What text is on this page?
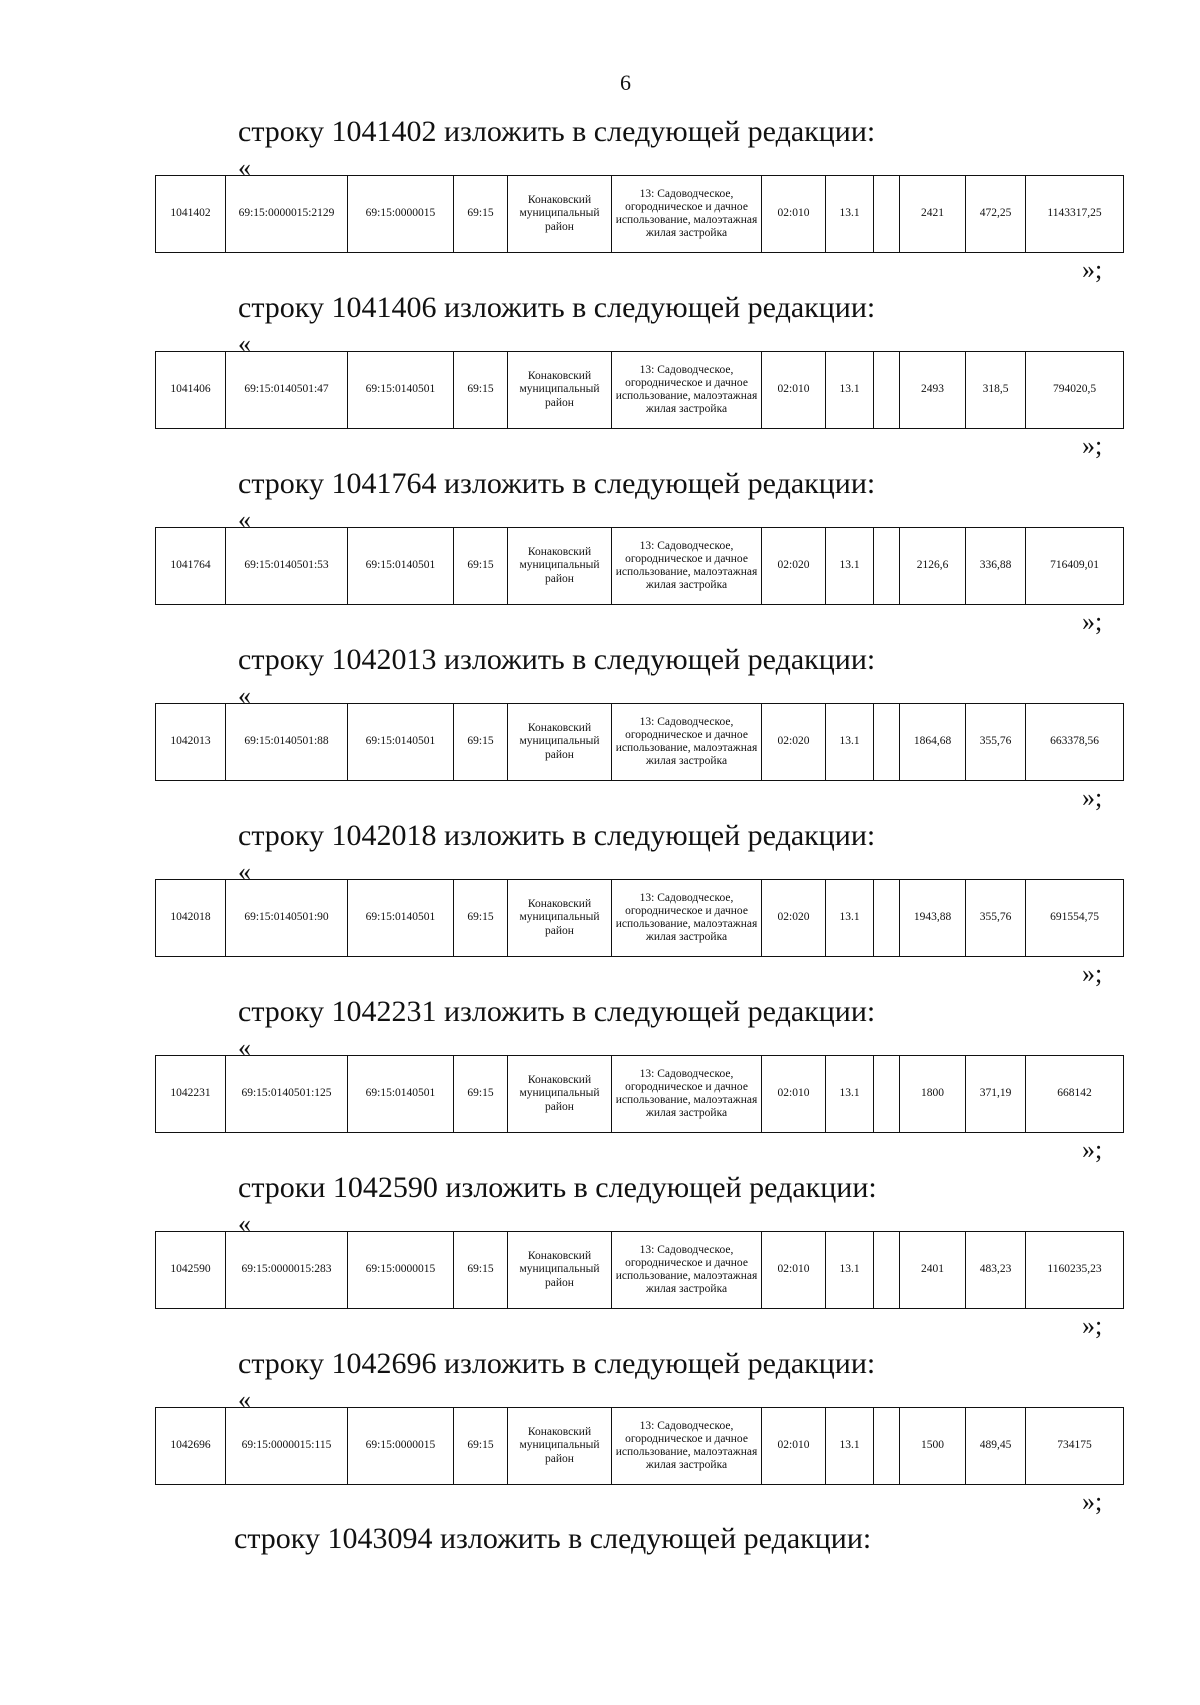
6
строку 1041402 изложить в следующей редакции:
«
1041402	69:15:0000015:2129	69:15:0000015	69:15	Конаковский муниципальный район	13: Садоводческое, огородническое и дачное использование, малоэтажная жилая застройка	02:010	13.1		2421	472,25	1143317,25
»;
строку 1041406 изложить в следующей редакции:
«
1041406	69:15:0140501:47	69:15:0140501	69:15	Конаковский муниципальный район	13: Садоводческое, огородническое и дачное использование, малоэтажная жилая застройка	02:010	13.1		2493	318,5	794020,5
»;
строку 1041764 изложить в следующей редакции:
«
1041764	69:15:0140501:53	69:15:0140501	69:15	Конаковский муниципальный район	13: Садоводческое, огородническое и дачное использование, малоэтажная жилая застройка	02:020	13.1		2126,6	336,88	716409,01
»;
строку 1042013 изложить в следующей редакции:
«
1042013	69:15:0140501:88	69:15:0140501	69:15	Конаковский муниципальный район	13: Садоводческое, огородническое и дачное использование, малоэтажная жилая застройка	02:020	13.1		1864,68	355,76	663378,56
»;
строку 1042018 изложить в следующей редакции:
«
1042018	69:15:0140501:90	69:15:0140501	69:15	Конаковский муниципальный район	13: Садоводческое, огородническое и дачное использование, малоэтажная жилая застройка	02:020	13.1		1943,88	355,76	691554,75
»;
строку 1042231 изложить в следующей редакции:
«
1042231	69:15:0140501:125	69:15:0140501	69:15	Конаковский муниципальный район	13: Садоводческое, огородническое и дачное использование, малоэтажная жилая застройка	02:010	13.1		1800	371,19	668142
»;
строки 1042590 изложить в следующей редакции:
«
1042590	69:15:0000015:283	69:15:0000015	69:15	Конаковский муниципальный район	13: Садоводческое, огородническое и дачное использование, малоэтажная жилая застройка	02:010	13.1		2401	483,23	1160235,23
»;
строку 1042696 изложить в следующей редакции:
«
1042696	69:15:0000015:115	69:15:0000015	69:15	Конаковский муниципальный район	13: Садоводческое, огородническое и дачное использование, малоэтажная жилая застройка	02:010	13.1		1500	489,45	734175
»;
строку 1043094 изложить в следующей редакции:
